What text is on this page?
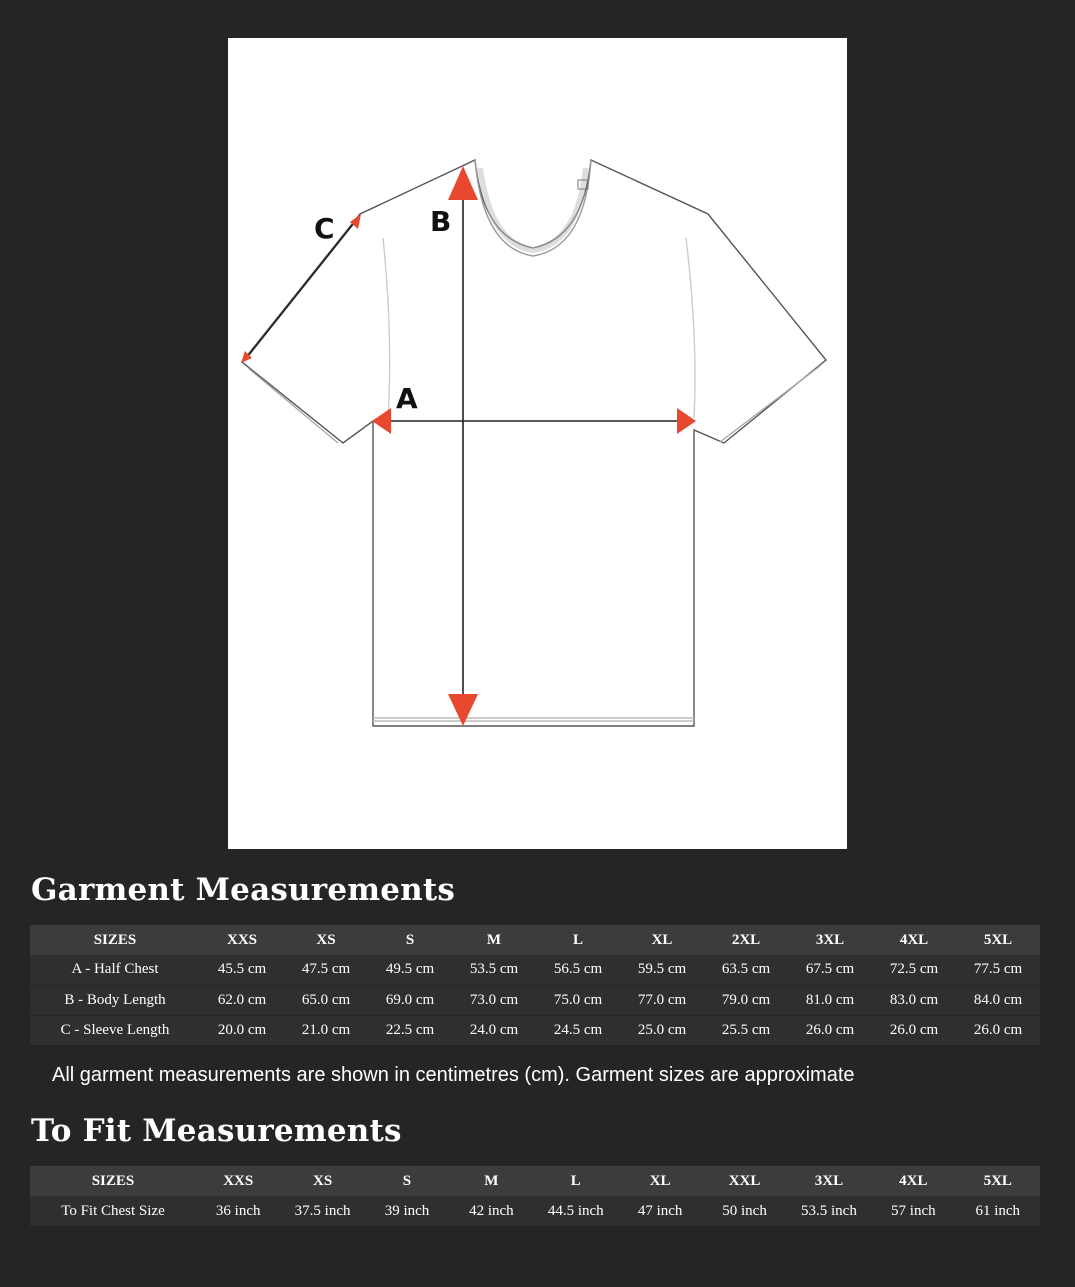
C	B
A
Garment Measurements
SIZES	XXS	XS	S	M	L	XL	2XL	3XL	4XL	5XL
A - Half Chest	45.5 cm	47.5 cm	49.5 cm	53.5 cm	56.5 cm	59.5 cm	63.5 cm	67.5 cm	72.5 cm	77.5 cm
B - Body Length	62.0 cm	65.0 cm	69.0 cm	73.0 cm	75.0 cm	77.0 cm	79.0 cm	81.0 cm	83.0 cm	84.0 cm
C - Sleeve Length	20.0 cm	21.0 cm	22.5 cm	24.0 cm	24.5 cm	25.0 cm	25.5 cm	26.0 cm	26.0 cm	26.0 cm

All garment measurements are shown in centimetres (cm). Garment sizes are approximate

To Fit Measurements
SIZES	XXS	XS	S	M	L	XL	XXL	3XL	4XL	5XL
To Fit Chest Size	36 inch	37.5 inch	39 inch	42 inch	44.5 inch	47 inch	50 inch	53.5 inch	57 inch	61 inch
